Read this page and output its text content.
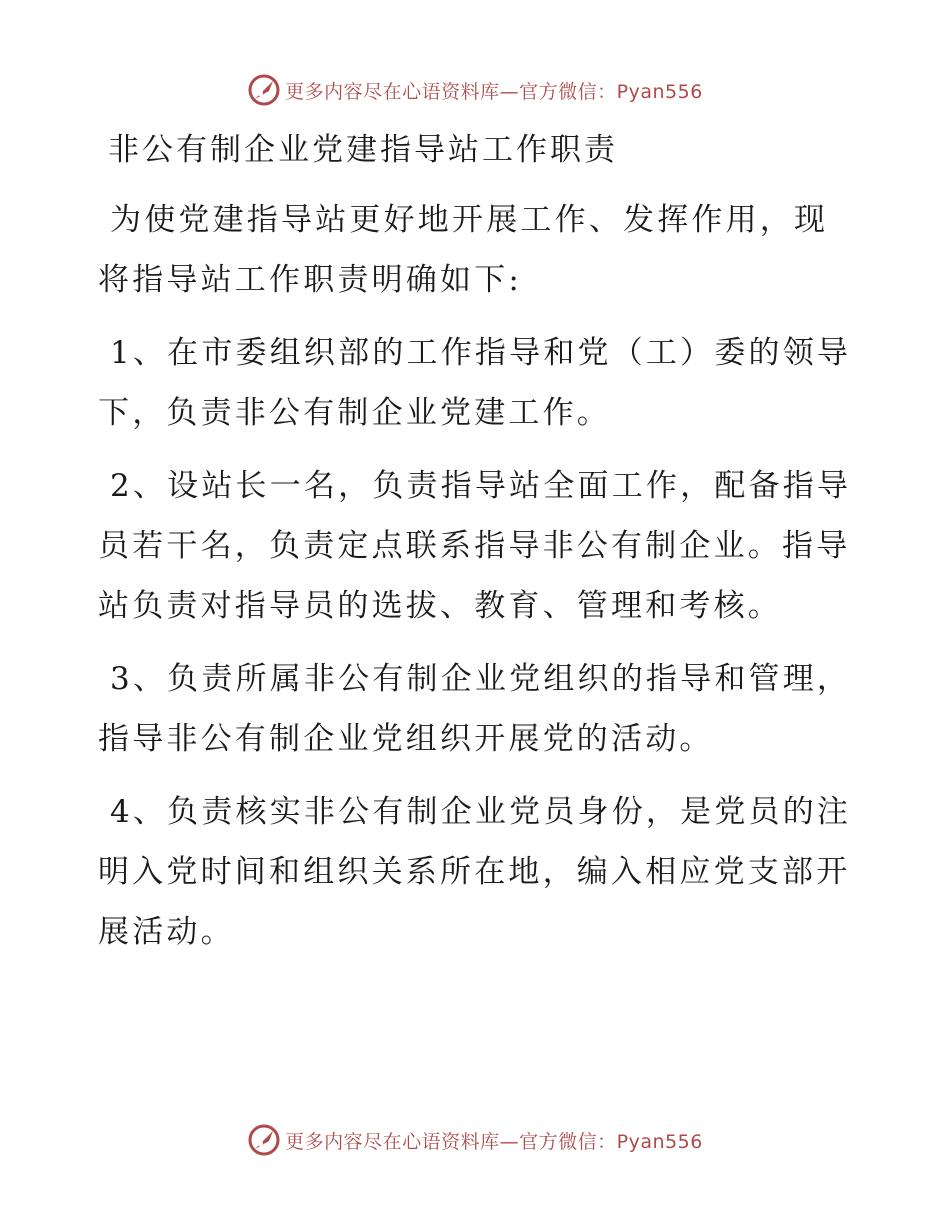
更多内容尽在心语资料库—官方微信：Pyan556
非公有制企业党建指导站工作职责

为使党建指导站更好地开展工作、发挥作用，现将指导站工作职责明确如下:

1、在市委组织部的工作指导和党（工）委的领导下，负责非公有制企业党建工作。

2、设站长一名，负责指导站全面工作，配备指导员若干名，负责定点联系指导非公有制企业。指导站负责对指导员的选拔、教育、管理和考核。

3、负责所属非公有制企业党组织的指导和管理，指导非公有制企业党组织开展党的活动。

4、负责核实非公有制企业党员身份，是党员的注明入党时间和组织关系所在地，编入相应党支部开展活动。

更多内容尽在心语资料库—官方微信：Pyan556
